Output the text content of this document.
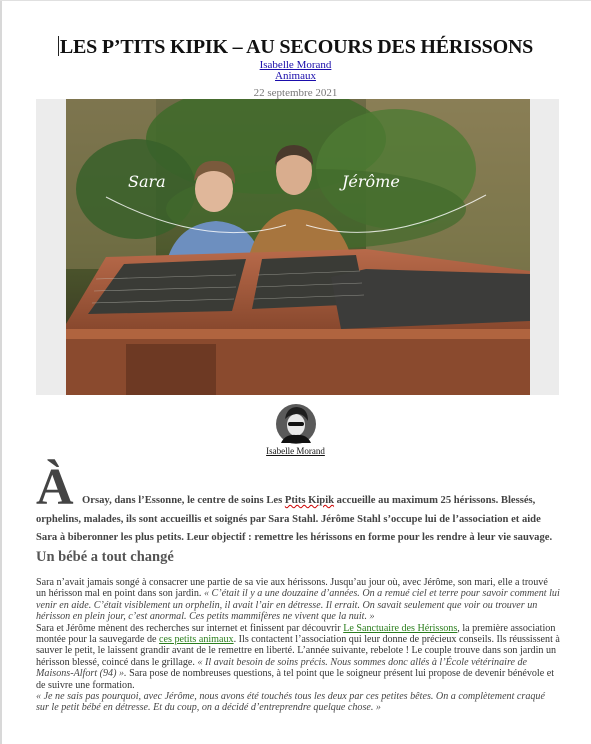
LES P’TITS KIPIK – AU SECOURS DES HÉRISSONS
Isabelle Morand
Animaux
22 septembre 2021
Sara	Jérôme
Isabelle Morand
À Orsay, dans l’Essonne, le centre de soins Les Ptits Kipik accueille au maximum 25 hérissons. Blessés, orphelins, malades, ils sont accueillis et soignés par Sara Stahl. Jérôme Stahl s’occupe lui de l’association et aide Sara à biberonner les plus petits. Leur objectif : remettre les hérissons en forme pour les rendre à leur vie sauvage.
Un bébé a tout changé

Sara n’avait jamais songé à consacrer une partie de sa vie aux hérissons. Jusqu’au jour où, avec Jérôme, son mari, elle a trouvé un hérisson mal en point dans son jardin. « C’était il y a une douzaine d’années. On a remué ciel et terre pour savoir comment lui venir en aide. C’était visiblement un orphelin, il avait l’air en détresse. Il errait. On savait seulement que voir ou trouver un hérisson en plein jour, c’est anormal. Ces petits mammifères ne vivent que la nuit. »

Sara et Jérôme mènent des recherches sur internet et finissent par découvrir Le Sanctuaire des Hérissons, la première association montée pour la sauvegarde de ces petits animaux. Ils contactent l’association qui leur donne de précieux conseils. Ils réussissent à sauver le petit, le laissent grandir avant de le remettre en liberté. L’année suivante, rebelote ! Le couple trouve dans son jardin un hérisson blessé, coincé dans le grillage. « Il avait besoin de soins précis. Nous sommes donc allés à l’École vétérinaire de Maisons-Alfort (94) ». Sara pose de nombreuses questions, à tel point que le soigneur présent lui propose de devenir bénévole et de suivre une formation.

« Je ne sais pas pourquoi, avec Jérôme, nous avons été touchés tous les deux par ces petites bêtes. On a complètement craqué sur le petit bébé en détresse. Et du coup, on a décidé d’entreprendre quelque chose. »
